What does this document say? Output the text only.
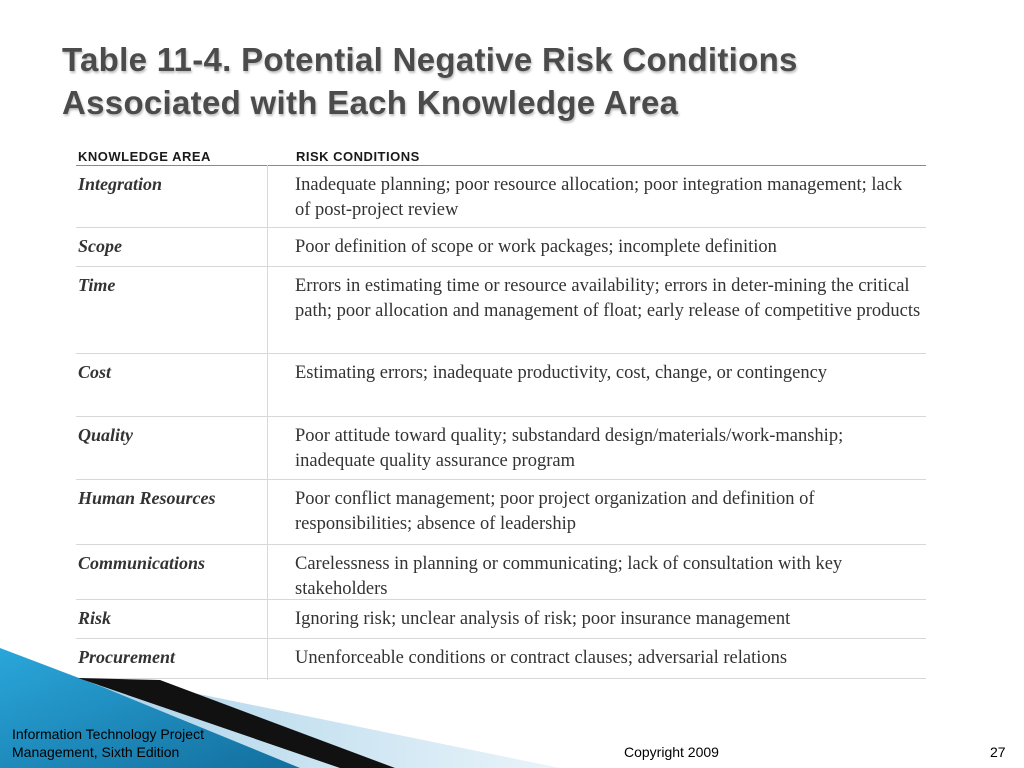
Table 11-4. Potential Negative Risk Conditions
Associated with Each Knowledge Area
KNOWLEDGE AREA	RISK CONDITIONS
Integration	Inadequate planning; poor resource allocation; poor integration management; lack of post-project review
Scope	Poor definition of scope or work packages; incomplete definition
Time	Errors in estimating time or resource availability; errors in deter-mining the critical path; poor allocation and management of float; early release of competitive products
Cost	Estimating errors; inadequate productivity, cost, change, or contingency
Quality	Poor attitude toward quality; substandard design/materials/work-manship; inadequate quality assurance program
Human Resources	Poor conflict management; poor project organization and definition of responsibilities; absence of leadership
Communications	Carelessness in planning or communicating; lack of consultation with key stakeholders
Risk	Ignoring risk; unclear analysis of risk; poor insurance management
Procurement	Unenforceable conditions or contract clauses; adversarial relations
Information Technology Project
Management, Sixth Edition	Copyright 2009	27
